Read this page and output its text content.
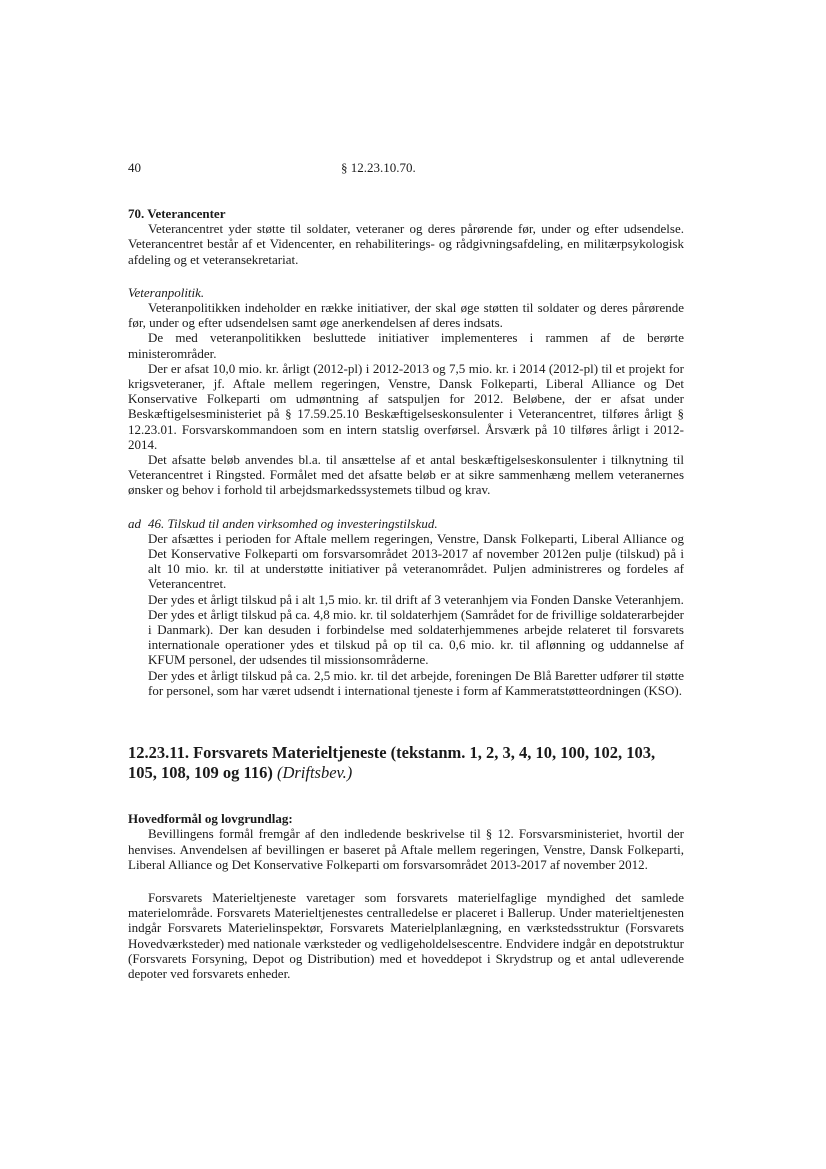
40	§ 12.23.10.70.
70. Veterancenter

Veterancentret yder støtte til soldater, veteraner og deres pårørende før, under og efter udsendelse. Veterancentret består af et Videncenter, en rehabiliterings- og rådgivningsafdeling, en militærpsykologisk afdeling og et veteransekretariat.

Veteranpolitik.

Veteranpolitikken indeholder en række initiativer, der skal øge støtten til soldater og deres pårørende før, under og efter udsendelsen samt øge anerkendelsen af deres indsats.

De med veteranpolitikken besluttede initiativer implementeres i rammen af de berørte ministerområder.

Der er afsat 10,0 mio. kr. årligt (2012-pl) i 2012-2013 og 7,5 mio. kr. i 2014 (2012-pl) til et projekt for krigsveteraner, jf. Aftale mellem regeringen, Venstre, Dansk Folkeparti, Liberal Alliance og Det Konservative Folkeparti om udmøntning af satspuljen for 2012. Beløbene, der er afsat under Beskæftigelsesministeriet på § 17.59.25.10 Beskæftigelseskonsulenter i Veterancentret, tilføres årligt § 12.23.01. Forsvarskommandoen som en intern statslig overførsel. Årsværk på 10 tilføres årligt i 2012-2014.

Det afsatte beløb anvendes bl.a. til ansættelse af et antal beskæftigelseskonsulenter i tilknytning til Veterancentret i Ringsted. Formålet med det afsatte beløb er at sikre sammenhæng mellem veteranernes ønsker og behov i forhold til arbejdsmarkedssystemets tilbud og krav.

ad 46. Tilskud til anden virksomhed og investeringstilskud.

Der afsættes i perioden for Aftale mellem regeringen, Venstre, Dansk Folkeparti, Liberal Alliance og Det Konservative Folkeparti om forsvarsområdet 2013-2017 af november 2012en pulje (tilskud) på i alt 10 mio. kr. til at understøtte initiativer på veteranområdet. Puljen administreres og fordeles af Veterancentret.

Der ydes et årligt tilskud på i alt 1,5 mio. kr. til drift af 3 veteranhjem via Fonden Danske Veteranhjem.

Der ydes et årligt tilskud på ca. 4,8 mio. kr. til soldaterhjem (Samrådet for de frivillige soldaterarbejder i Danmark). Der kan desuden i forbindelse med soldaterhjemmenes arbejde relateret til forsvarets internationale operationer ydes et tilskud på op til ca. 0,6 mio. kr. til aflønning og uddannelse af KFUM personel, der udsendes til missionsområderne.

Der ydes et årligt tilskud på ca. 2,5 mio. kr. til det arbejde, foreningen De Blå Baretter udfører til støtte for personel, som har været udsendt i international tjeneste i form af Kammeratstøtteordningen (KSO).

12.23.11. Forsvarets Materieltjeneste (tekstanm. 1, 2, 3, 4, 10, 100, 102, 103, 105, 108, 109 og 116) (Driftsbev.)
Hovedformål og lovgrundlag:

Bevillingens formål fremgår af den indledende beskrivelse til § 12. Forsvarsministeriet, hvortil der henvises. Anvendelsen af bevillingen er baseret på Aftale mellem regeringen, Venstre, Dansk Folkeparti, Liberal Alliance og Det Konservative Folkeparti om forsvarsområdet 2013-2017 af november 2012.

Forsvarets Materieltjeneste varetager som forsvarets materielfaglige myndighed det samlede materielområde. Forsvarets Materieltjenestes centralledelse er placeret i Ballerup. Under materieltjenesten indgår Forsvarets Materielinspektør, Forsvarets Materielplanlægning, en værkstedsstruktur (Forsvarets Hovedværksteder) med nationale værksteder og vedligeholdelsescentre. Endvidere indgår en depotstruktur (Forsvarets Forsyning, Depot og Distribution) med et hoveddepot i Skrydstrup og et antal udleverende depoter ved forsvarets enheder.
